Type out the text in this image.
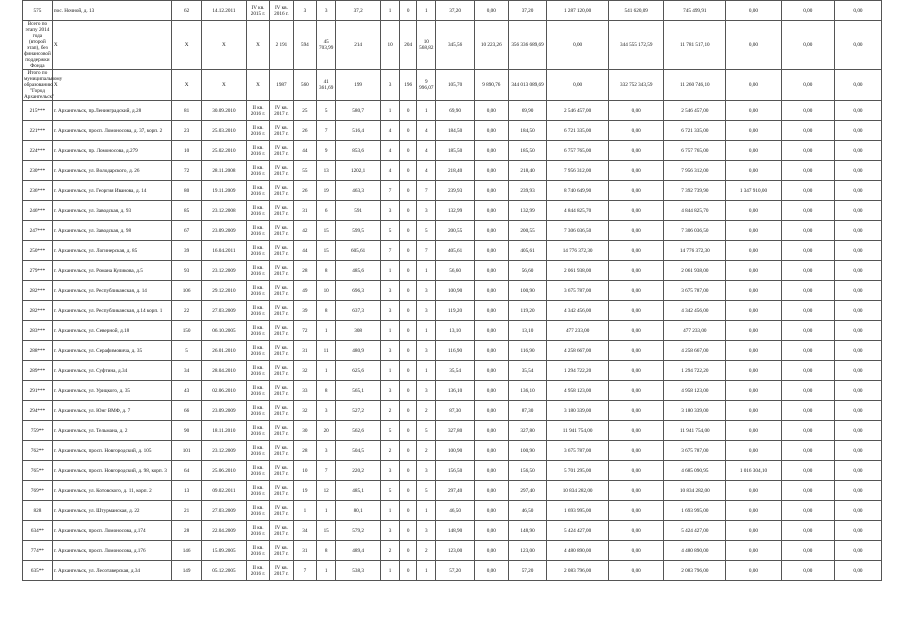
575	пос. Ночной, д. 13	62	14.12.2011	IV кв. 2015 г.	IV кв. 2016 г.	3	3	37,2	1	0	1	37,20	0,00	37,20	1 287 120,00	541 620,09	745 499,91	0,00	0,00	0,00
Всего по этапу 2014 года (второй этап), без финансовой поддержки Фонда	X	X	X	X	2 191	594	45 703,99	214	10	204	10 568,82	345,56	10 223,26	356 336 689,69	0,00	344 555 172,59	11 781 517,10	0,00	0,00	0,00
Итого по муниципальному образованию "Город Архангельск"	X	X	X	X	1987	560	41 361,69	199	3	196	9 996,07	105,70	9 890,76	344 013 089,69	0,00	332 752 343,59	11 260 746,10	0,00	0,00	0,00
215***	г. Архангельск, пр.Ленинградский, д.28	81	30.09.2010	II кв. 2016 г.	IV кв. 2017 г.	25	5	580,7	1	0	1	69,90	0,00	69,90	2 546 457,00	0,00	2 546 457,00	0,00	0,00	0,00
221***	г. Архангельск, просп. Ломоносова, д. 37, корп. 2	23	25.03.2010	II кв. 2016 г.	IV кв. 2017 г.	26	7	516,4	4	0	4	184,50	0,00	184,50	6 721 335,00	0,00	6 721 335,00	0,00	0,00	0,00
224***	г. Архангельск, пр. Ломоносова, д.279	10	25.02.2010	II кв. 2016 г.	IV кв. 2017 г.	44	9	853,6	4	0	4	185,50	0,00	185,50	6 757 765,00	0,00	6 757 765,00	0,00	0,00	0,00
230***	г. Архангельск, ул. Володарского, д. 26	72	28.11.2008	II кв. 2016 г.	IV кв. 2017 г.	55	13	1202,1	4	0	4	218,40	0,00	218,40	7 956 312,00	0,00	7 956 312,00	0,00	0,00	0,00
236***	г. Архангельск, ул. Георгия Иванова, д. 14	80	19.11.2009	II кв. 2016 г.	IV кв. 2017 г.	26	19	463,3	7	0	7	239,93	0,00	239,93	8 740 649,90	0,00	7 392 739,90	1 347 910,00	0,00	0,00
246***	г. Архангельск, ул. Заводская, д. 93	85	23.12.2008	II кв. 2016 г.	IV кв. 2017 г.	31	6	591	3	0	3	132,99	0,00	132,99	4 844 825,70	0,00	4 844 825,70	0,00	0,00	0,00
247***	г. Архангельск, ул. Заводская, д. 98	67	23.09.2009	II кв. 2016 г.	IV кв. 2017 г.	42	15	599,5	5	0	5	200,55	0,00	200,55	7 306 036,50	0,00	7 306 036,50	0,00	0,00	0,00
250***	г. Архангельск, ул. Логинерская, д. 85	39	16.04.2011	II кв. 2016 г.	IV кв. 2017 г.	44	15	605,61	7	0	7	405,61	0,00	405,61	14 776 372,30	0,00	14 776 372,30	0,00	0,00	0,00
279***	г. Архангельск, ул. Романа Куликова, д.5	93	23.12.2009	II кв. 2016 г.	IV кв. 2017 г.	28	8	485,6	1	0	1	56,60	0,00	56,60	2 061 938,00	0,00	2 061 938,00	0,00	0,00	0,00
282***	г. Архангельск, ул. Республиканская, д. 14	106	29.12.2010	II кв. 2016 г.	IV кв. 2017 г.	49	10	696,3	3	0	3	100,90	0,00	100,90	3 675 787,00	0,00	3 675 787,00	0,00	0,00	0,00
282***	г. Архангельск, ул. Республиканская, д.14 корп. 1	22	27.03.2009	II кв. 2016 г.	IV кв. 2017 г.	39	8	637,3	3	0	3	119,20	0,00	119,20	4 342 456,00	0,00	4 342 456,00	0,00	0,00	0,00
283***	г. Архангельск, ул. Северной, д.18	150	06.10.2005	II кв. 2016 г.	IV кв. 2017 г.	72	1	308	1	0	1	13,10	0,00	13,10	477 233,00	0,00	477 233,00	0,00	0,00	0,00
288***	г. Архангельск, ул. Серафимовича, д. 35	5	26.01.2010	II кв. 2016 г.	IV кв. 2017 г.	31	11	480,9	3	0	3	116,90	0,00	116,90	4 258 667,00	0,00	4 258 667,00	0,00	0,00	0,00
289***	г. Архангельск, ул. Суфтина, д.34	34	28.04.2010	II кв. 2016 г.	IV кв. 2017 г.	32	1	625,6	1	0	1	35,54	0,00	35,54	1 294 722,20	0,00	1 294 722,20	0,00	0,00	0,00
291***	г. Архангельск, ул. Урицкого, д. 35	43	02.06.2010	II кв. 2016 г.	IV кв. 2017 г.	33	8	565,1	3	0	3	136,10	0,00	136,10	4 958 123,00	0,00	4 958 123,00	0,00	0,00	0,00
294***	г. Архангельск, ул. Юнг ВМФ, д. 7	66	23.09.2009	II кв. 2016 г.	IV кв. 2017 г.	32	3	527,2	2	0	2	87,30	0,00	87,30	3 180 339,00	0,00	3 180 339,00	0,00	0,00	0,00
759**	г. Архангельск, ул. Тельмана, д. 2	90	18.11.2010	II кв. 2016 г.	IV кв. 2017 г.	30	20	562,6	5	0	5	327,80	0,00	327,80	11 941 754,00	0,00	11 941 754,00	0,00	0,00	0,00
762**	г. Архангельск, просп. Новгородский, д. 105	101	23.12.2009	II кв. 2016 г.	IV кв. 2017 г.	28	3	504,5	2	0	2	100,90	0,00	100,90	3 675 787,00	0,00	3 675 787,00	0,00	0,00	0,00
765**	г. Архангельск, просп. Новгородский, д. 98, корп. 3	64	25.06.2010	II кв. 2016 г.	IV кв. 2017 г.	10	7	220,2	3	0	3	156,50	0,00	156,50	5 701 295,00	0,00	4 685 090,95	1 016 304,10	0,00	0,00
769**	г. Архангельск, ул. Котовского, д. 11, корп. 2	13	09.02.2011	II кв. 2016 г.	IV кв. 2017 г.	19	12	485,1	5	0	5	297,40	0,00	297,40	10 834 282,00	0,00	10 834 282,00	0,00	0,00	0,00
828	г. Архангельск, ул. Штурманская, д. 22	21	27.03.2009	II кв. 2016 г.	IV кв. 2017 г.	1	1	80,1	1	0	1	46,50	0,00	46,50	1 693 995,00	0,00	1 693 995,00	0,00	0,00	0,00
634**	г. Архангельск, просп. Ломоносова, д.174	28	22.04.2009	II кв. 2016 г.	IV кв. 2017 г.	34	15	579,2	3	0	3	148,90	0,00	148,90	5 424 427,00	0,00	5 424 427,00	0,00	0,00	0,00
774**	г. Архангельск, просп. Ломоносова, д.176	146	15.09.2005	II кв. 2016 г.	IV кв. 2017 г.	31	8	489,4	2	0	2	123,00	0,00	123,00	4 480 890,00	0,00	4 480 890,00	0,00	0,00	0,00
635**	г. Архангельск, ул. Лесотаверская, д.34	149	05.12.2005	II кв. 2016 г.	IV кв. 2017 г.	7	1	538,3	1	0	1	57,20	0,00	57,20	2 083 796,00	0,00	2 083 796,00	0,00	0,00	0,00
